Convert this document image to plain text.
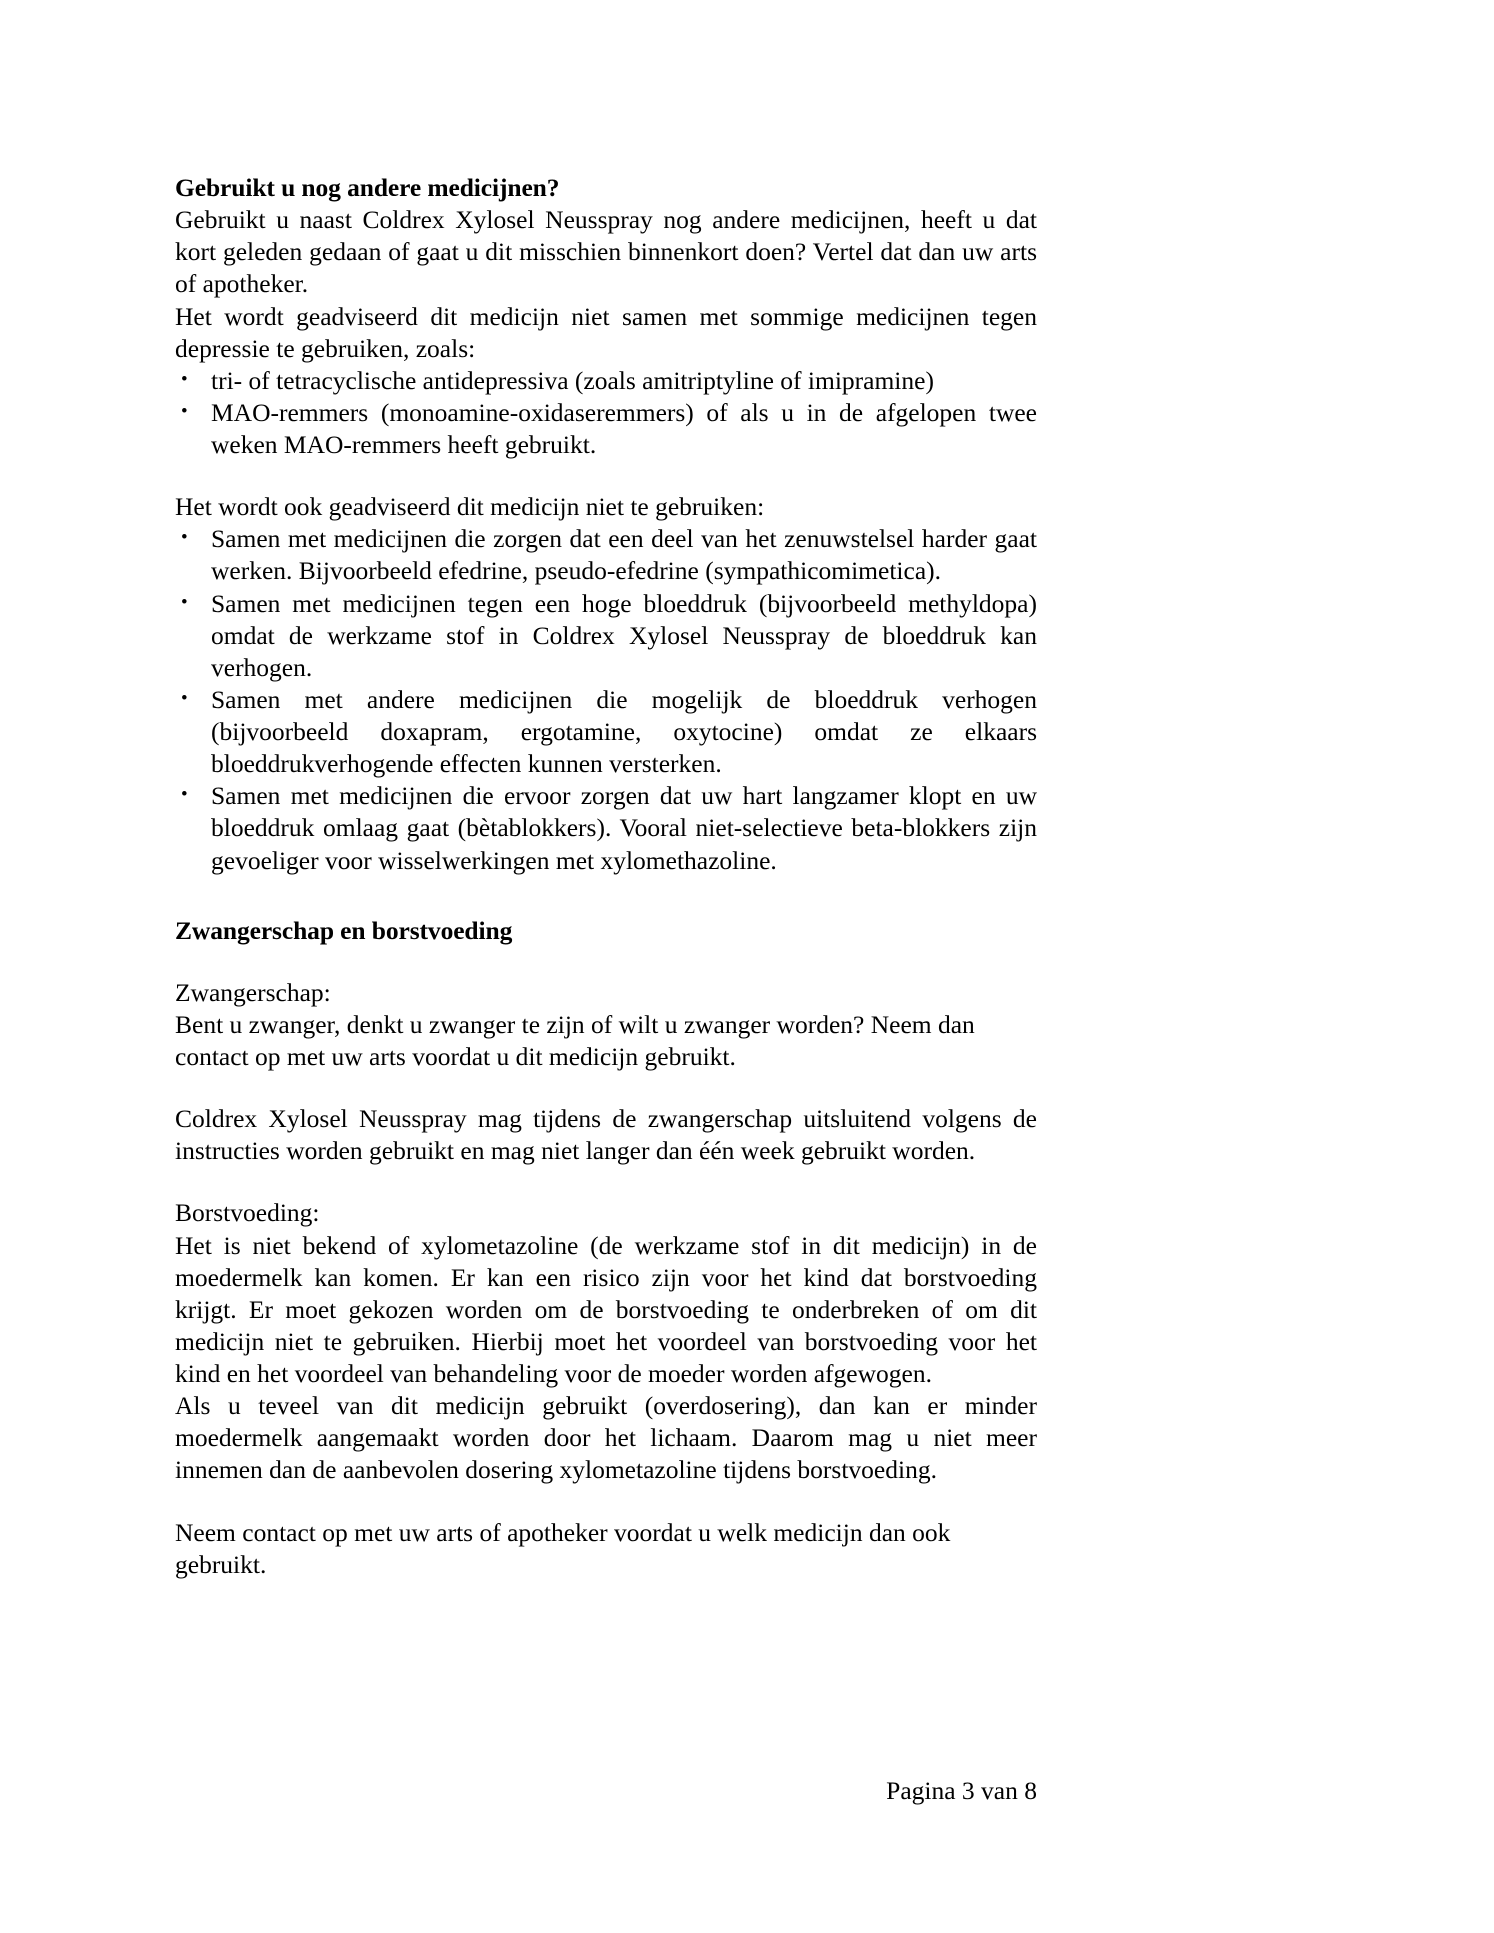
Gebruikt u nog andere medicijnen?

Gebruikt u naast Coldrex Xylosel Neusspray nog andere medicijnen, heeft u dat kort geleden gedaan of gaat u dit misschien binnenkort doen? Vertel dat dan uw arts of apotheker.

Het wordt geadviseerd dit medicijn niet samen met sommige medicijnen tegen depressie te gebruiken, zoals:

• tri- of tetracyclische antidepressiva (zoals amitriptyline of imipramine)
• MAO-remmers (monoamine-oxidaseremmers) of als u in de afgelopen twee weken MAO-remmers heeft gebruikt.

Het wordt ook geadviseerd dit medicijn niet te gebruiken:

• Samen met medicijnen die zorgen dat een deel van het zenuwstelsel harder gaat werken. Bijvoorbeeld efedrine, pseudo-efedrine (sympathicomimetica).
• Samen met medicijnen tegen een hoge bloeddruk (bijvoorbeeld methyldopa) omdat de werkzame stof in Coldrex Xylosel Neusspray de bloeddruk kan verhogen.
• Samen met andere medicijnen die mogelijk de bloeddruk verhogen (bijvoorbeeld doxapram, ergotamine, oxytocine) omdat ze elkaars bloeddrukverhogende effecten kunnen versterken.
• Samen met medicijnen die ervoor zorgen dat uw hart langzamer klopt en uw bloeddruk omlaag gaat (bètablokkers). Vooral niet-selectieve beta-blokkers zijn gevoeliger voor wisselwerkingen met xylomethazoline.
Zwangerschap en borstvoeding

Zwangerschap:

Bent u zwanger, denkt u zwanger te zijn of wilt u zwanger worden? Neem dan contact op met uw arts voordat u dit medicijn gebruikt.

Coldrex Xylosel Neusspray mag tijdens de zwangerschap uitsluitend volgens de instructies worden gebruikt en mag niet langer dan één week gebruikt worden.

Borstvoeding:

Het is niet bekend of xylometazoline (de werkzame stof in dit medicijn) in de moedermelk kan komen. Er kan een risico zijn voor het kind dat borstvoeding krijgt. Er moet gekozen worden om de borstvoeding te onderbreken of om dit medicijn niet te gebruiken. Hierbij moet het voordeel van borstvoeding voor het kind en het voordeel van behandeling voor de moeder worden afgewogen.

Als u teveel van dit medicijn gebruikt (overdosering), dan kan er minder moedermelk aangemaakt worden door het lichaam. Daarom mag u niet meer innemen dan de aanbevolen dosering xylometazoline tijdens borstvoeding.

Neem contact op met uw arts of apotheker voordat u welk medicijn dan ook gebruikt.

Pagina 3 van 8
